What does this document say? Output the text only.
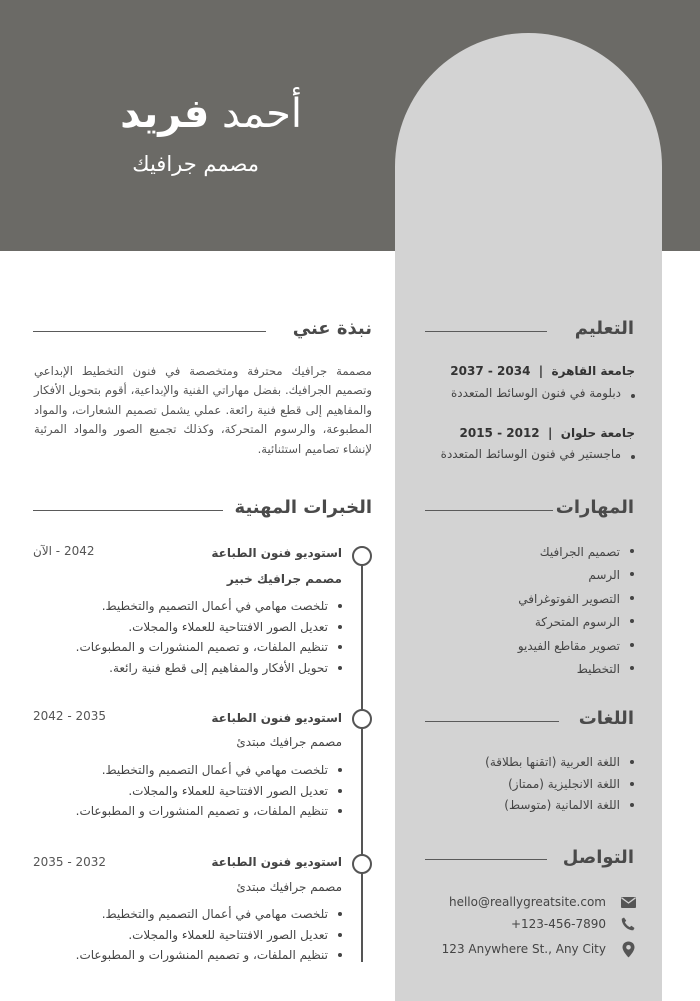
أحمد فريد
مصمم جرافيك
التعليم
جامعة القاهرة  |  2034 - 2037
دبلومة في فنون الوسائط المتعددة
جامعة حلوان  |  2012 - 2015
ماجستير في فنون الوسائط المتعددة
المهارات
تصميم الجرافيك
الرسم
التصوير الفوتوغرافي
الرسوم المتحركة
تصوير مقاطع الفيديو
التخطيط
اللغات
اللغة العربية (اتقنها بطلاقة)
اللغة الانجليزية (ممتاز)
اللغة الالمانية (متوسط)
التواصل
hello@reallygreatsite.com
+123-456-7890
123 Anywhere St., Any City
نبذة عني

مصممة جرافيك محترفة ومتخصصة في فنون التخطيط الإبداعي وتصميم الجرافيك. بفضل مهاراتي الفنية والإبداعية، أقوم بتحويل الأفكار والمفاهيم إلى قطع فنية رائعة. عملي يشمل تصميم الشعارات، والمواد المطبوعة، والرسوم المتحركة، وكذلك تجميع الصور والمواد المرئية لإنشاء تصاميم استثنائية.

الخبرات المهنية
استوديو فنون الطباعة
2042 - الآن
مصمم جرافيك خبير
تلخصت مهامي في أعمال التصميم والتخطيط.
تعديل الصور الافتتاحية للعملاء والمجلات.
تنظيم الملفات، و تصميم المنشورات و المطبوعات.
تحويل الأفكار والمفاهيم إلى قطع فنية رائعة.
استوديو فنون الطباعة
2035 - 2042
مصمم جرافيك مبتدئ
تلخصت مهامي في أعمال التصميم والتخطيط.
تعديل الصور الافتتاحية للعملاء والمجلات.
تنظيم الملفات، و تصميم المنشورات و المطبوعات.
استوديو فنون الطباعة
2032 - 2035
مصمم جرافيك مبتدئ
تلخصت مهامي في أعمال التصميم والتخطيط.
تعديل الصور الافتتاحية للعملاء والمجلات.
تنظيم الملفات، و تصميم المنشورات و المطبوعات.
